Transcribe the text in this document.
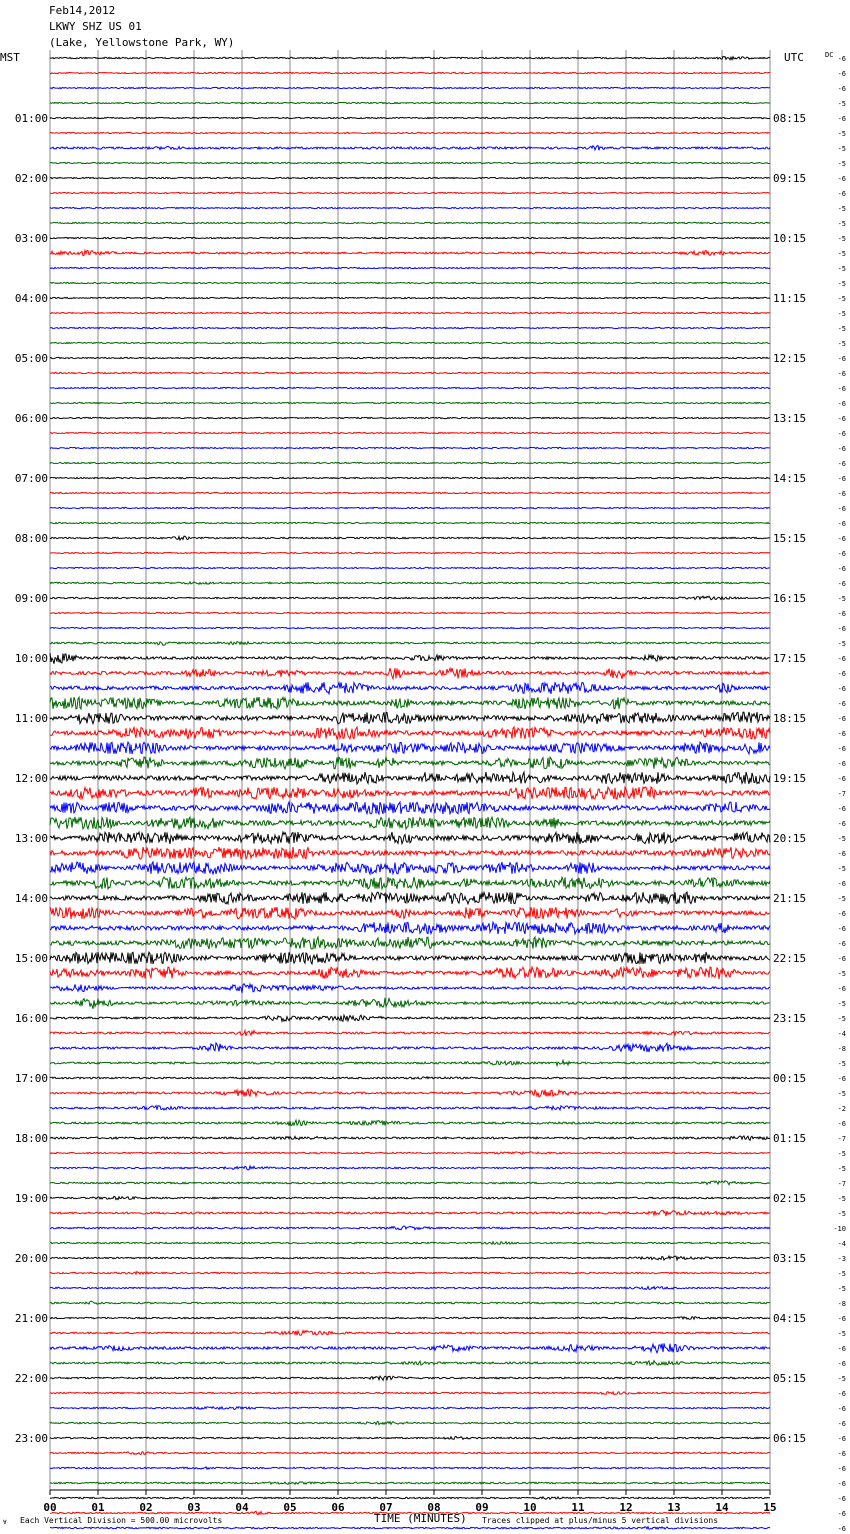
Feb14,2012
LKWY SHZ US 01
(Lake, Yellowstone Park, WY)
01:00
02:00
03:00
04:00
05:00
06:00
07:00
08:00
09:00
10:00
11:00
12:00
13:00
14:00
15:00
16:00
17:00
18:00
19:00
20:00
21:00
22:00
23:00
08:15
09:15
10:15
11:15
12:15
13:15
14:15
15:15
16:15
17:15
18:15
19:15
20:15
21:15
22:15
23:15
00:15
01:15
02:15
03:15
04:15
05:15
06:15
MST	UTC	DC -6
-6
-6
-5
-6
-5
-5
-5
-6
-6
-5
-5
-5
-5
-5
-5
-5
-5
-5
-5
-6
-6
-6
-6
-6
-6
-6
-6
-6
-6
-6
-6
-6
-6
-6
-6
-5
-6
-6
-5
-6
-6
-6
-6
-6
-6
-6
-6
-6
-7
-6
-6
-5
-6
-5
-6
-5
-6
-6
-6
-6
-5
-6
-5
-5
-4
-8
-5
-6
-5
-2
-6
-7
-5
-5
-7
-5
-5
-10
-4
-3
-5
-5
-8
-6
-5
-6
-6
-5
-6
-6
-6
-6
-6
-6
-6
-6
-6
-6
00	01	02	03	04	05	06	07	08	09	10	11	12	13	14	15
∀ Each Vertical Division = 500.00 microvolts	TIME (MINUTES) Traces clipped at plus/minus 5 vertical divisions
